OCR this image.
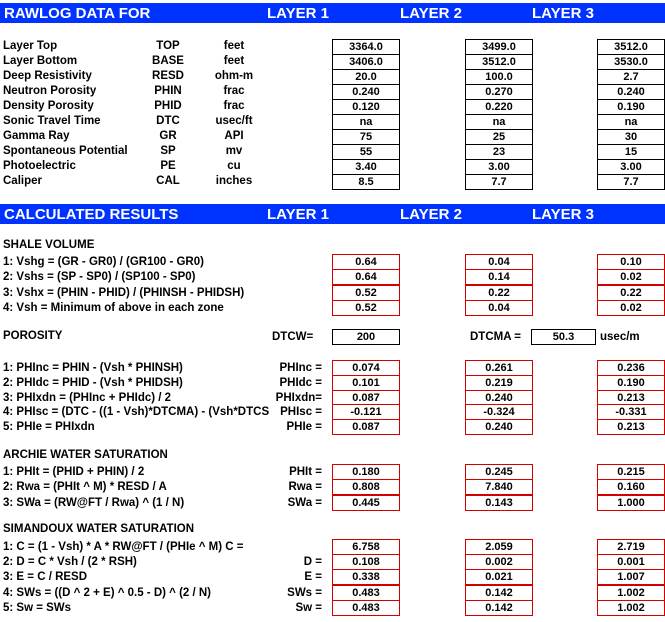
RAWLOG DATA FOR	LAYER 1	LAYER 2	LAYER 3
Layer Top	TOP	feet	3364.0	3499.0	3512.0
Layer Bottom	BASE	feet	3406.0	3512.0	3530.0
Deep Resistivity	RESD	ohm-m	20.0	100.0	2.7
Neutron Porosity	PHIN	frac	0.240	0.270	0.240
Density Porosity	PHID	frac	0.120	0.220	0.190
Sonic Travel Time	DTC	usec/ft	na	na	na
Gamma Ray	GR	API	75	25	30
Spontaneous Potential	SP	mv	55	23	15
Photoelectric	PE	cu	3.40	3.00	3.00
Caliper	CAL	inches	8.5	7.7	7.7
CALCULATED RESULTS	LAYER 1	LAYER 2	LAYER 3
SHALE VOLUME
POROSITY
ARCHIE WATER SATURATION
SIMANDOUX WATER SATURATION
DTCW=	200	DTCMA =	50.3	usec/m
1: Vshg = (GR - GR0) / (GR100 - GR0)	0.64	0.04	0.10
2: Vshs = (SP - SP0) / (SP100 - SP0)	0.64	0.14	0.02
3: Vshx = (PHIN - PHID) / (PHINSH - PHIDSH)	0.52	0.22	0.22
4: Vsh = Minimum of above in each zone	0.52	0.04	0.02
1: PHInc = PHIN - (Vsh * PHINSH)	PHInc =	0.074	0.261	0.236
2: PHIdc = PHID - (Vsh * PHIDSH)	PHIdc =	0.101	0.219	0.190
3: PHIxdn = (PHInc + PHIdc) / 2	PHIxdn=	0.087	0.240	0.213
4: PHIsc = (DTC - ((1 - Vsh)*DTCMA) - (Vsh*DTCS PHIsc =	-0.121	-0.324	-0.331
5: PHIe = PHIxdn	PHIe =	0.087	0.240	0.213
1: PHIt = (PHID + PHIN) / 2	PHIt =	0.180	0.245	0.215
2: Rwa = (PHIt ^ M) * RESD / A	Rwa =	0.808	7.840	0.160
3: SWa = (RW@FT / Rwa) ^ (1 / N)	SWa =	0.445	0.143	1.000
1: C = (1 - Vsh) * A * RW@FT / (PHIe ^ M) C =	6.758	2.059	2.719
2: D = C * Vsh / (2 * RSH)	D =	0.108	0.002	0.001
3: E = C / RESD	E =	0.338	0.021	1.007
4: SWs = ((D ^ 2 + E) ^ 0.5 - D) ^ (2 / N)	SWs =	0.483	0.142	1.002
5: Sw = SWs	Sw =	0.483	0.142	1.002
